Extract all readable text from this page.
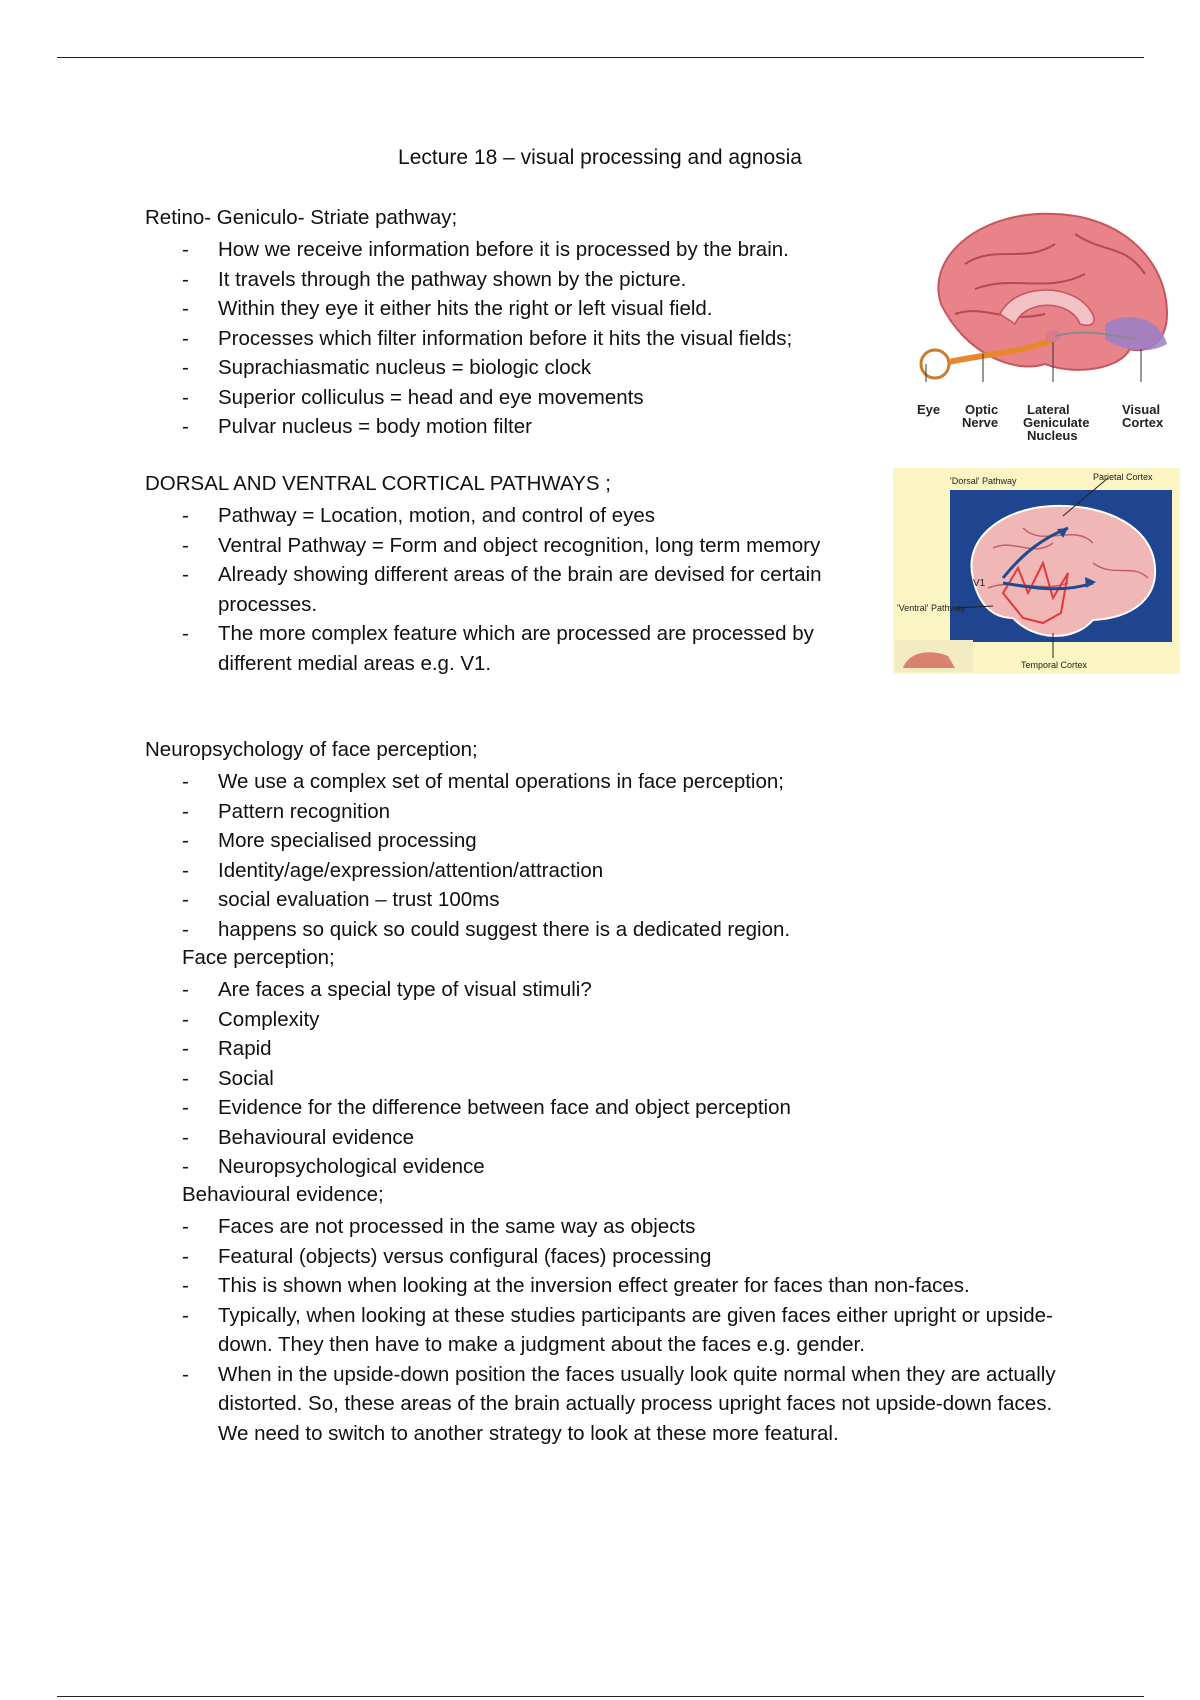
Lecture 18 – visual processing and agnosia
Retino- Geniculo- Striate pathway;
- How we receive information before it is processed by the brain.
- It travels through the pathway shown by the picture.
- Within they eye it either hits the right or left visual field.
- Processes which filter information before it hits the visual fields;
- Suprachiasmatic nucleus = biologic clock
- Superior colliculus = head and eye movements
- Pulvar nucleus = body motion filter
DORSAL AND VENTRAL CORTICAL PATHWAYS ;
- Pathway = Location, motion, and control of eyes
- Ventral Pathway = Form and object recognition, long term memory
- Already showing different areas of the brain are devised for certain processes.
- The more complex feature which are processed are processed by different medial areas e.g. V1.
Neuropsychology of face perception;
- We use a complex set of mental operations in face perception;
- Pattern recognition
- More specialised processing
- Identity/age/expression/attention/attraction
- social evaluation – trust 100ms
- happens so quick so could suggest there is a dedicated region.
Face perception;
- Are faces a special type of visual stimuli?
- Complexity
- Rapid
- Social
- Evidence for the difference between face and object perception
- Behavioural evidence
- Neuropsychological evidence
Behavioural evidence;
- Faces are not processed in the same way as objects
- Featural (objects) versus configural (faces) processing
- This is shown when looking at the inversion effect greater for faces than non-faces.
- Typically, when looking at these studies participants are given faces either upright or upside-down. They then have to make a judgment about the faces e.g. gender.
- When in the upside-down position the faces usually look quite normal when they are actually distorted. So, these areas of the brain actually process upright faces not upside-down faces. We need to switch to another strategy to look at these more featural.
Eye Optic
Nerve
Lateral
Geniculate
Nucleus
Visual
Cortex
'Dorsal' Pathway	Parietal Cortex
'Ventral' Pathway
Temporal Cortex
V1
